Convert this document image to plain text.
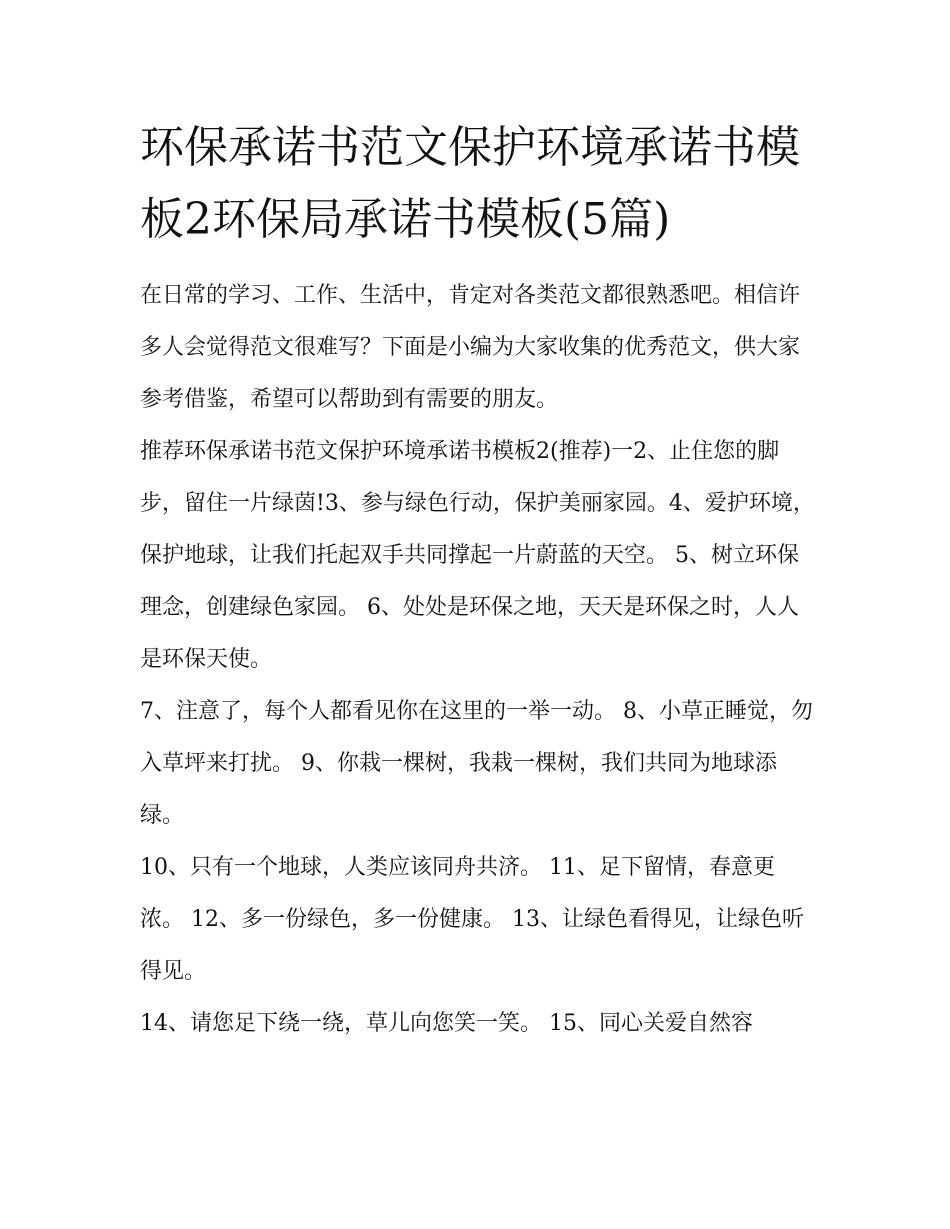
环保承诺书范文保护环境承诺书模板2环保局承诺书模板(5篇)

在日常的学习、工作、生活中，肯定对各类范文都很熟悉吧。相信许多人会觉得范文很难写？下面是小编为大家收集的优秀范文，供大家参考借鉴，希望可以帮助到有需要的朋友。

推荐环保承诺书范文保护环境承诺书模板2(推荐)一2、止住您的脚步，留住一片绿茵!3、参与绿色行动，保护美丽家园。4、爱护环境，保护地球，让我们托起双手共同撑起一片蔚蓝的天空。 5、树立环保理念，创建绿色家园。 6、处处是环保之地，天天是环保之时，人人是环保天使。

7、注意了，每个人都看见你在这里的一举一动。 8、小草正睡觉，勿入草坪来打扰。 9、你栽一棵树，我栽一棵树，我们共同为地球添绿。

10、只有一个地球，人类应该同舟共济。 11、足下留情，春意更浓。 12、多一份绿色，多一份健康。 13、让绿色看得见，让绿色听得见。

14、请您足下绕一绕，草儿向您笑一笑。 15、同心关爱自然容
